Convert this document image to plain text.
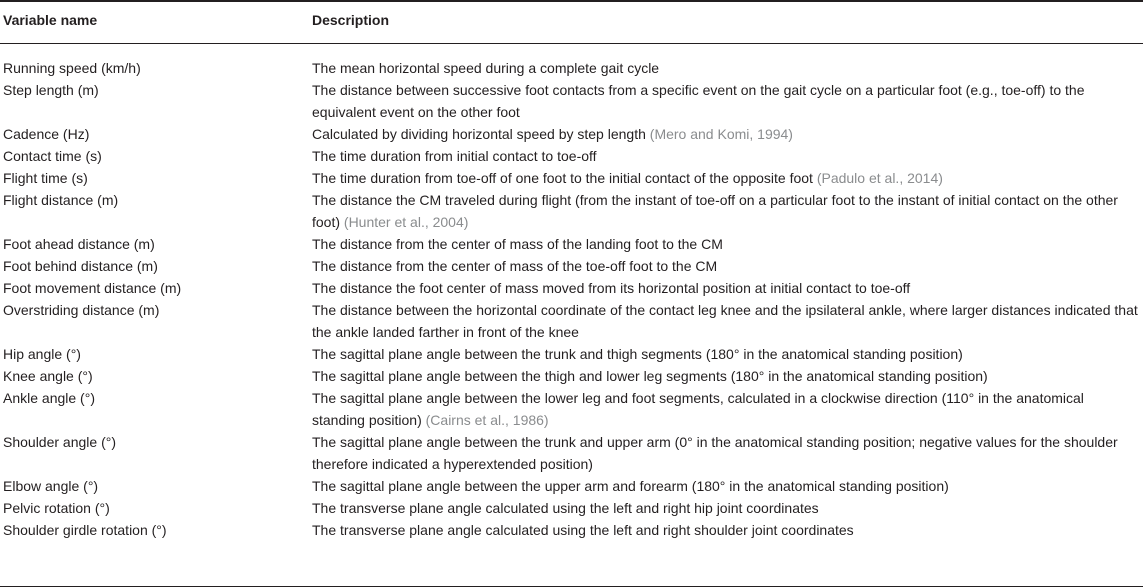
Variable name	Description
Running speed (km/h)	The mean horizontal speed during a complete gait cycle
Step length (m)	The distance between successive foot contacts from a specific event on the gait cycle on a particular foot (e.g., toe-off) to the equivalent event on the other foot
Cadence (Hz)	Calculated by dividing horizontal speed by step length (Mero and Komi, 1994)
Contact time (s)	The time duration from initial contact to toe-off
Flight time (s)	The time duration from toe-off of one foot to the initial contact of the opposite foot (Padulo et al., 2014)
Flight distance (m)	The distance the CM traveled during flight (from the instant of toe-off on a particular foot to the instant of initial contact on the other foot) (Hunter et al., 2004)
Foot ahead distance (m)	The distance from the center of mass of the landing foot to the CM
Foot behind distance (m)	The distance from the center of mass of the toe-off foot to the CM
Foot movement distance (m)	The distance the foot center of mass moved from its horizontal position at initial contact to toe-off
Overstriding distance (m)	The distance between the horizontal coordinate of the contact leg knee and the ipsilateral ankle, where larger distances indicated that the ankle landed farther in front of the knee
Hip angle (°)	The sagittal plane angle between the trunk and thigh segments (180° in the anatomical standing position)
Knee angle (°)	The sagittal plane angle between the thigh and lower leg segments (180° in the anatomical standing position)
Ankle angle (°)	The sagittal plane angle between the lower leg and foot segments, calculated in a clockwise direction (110° in the anatomical standing position) (Cairns et al., 1986)
Shoulder angle (°)	The sagittal plane angle between the trunk and upper arm (0° in the anatomical standing position; negative values for the shoulder therefore indicated a hyperextended position)
Elbow angle (°)	The sagittal plane angle between the upper arm and forearm (180° in the anatomical standing position)
Pelvic rotation (°)	The transverse plane angle calculated using the left and right hip joint coordinates
Shoulder girdle rotation (°)	The transverse plane angle calculated using the left and right shoulder joint coordinates
